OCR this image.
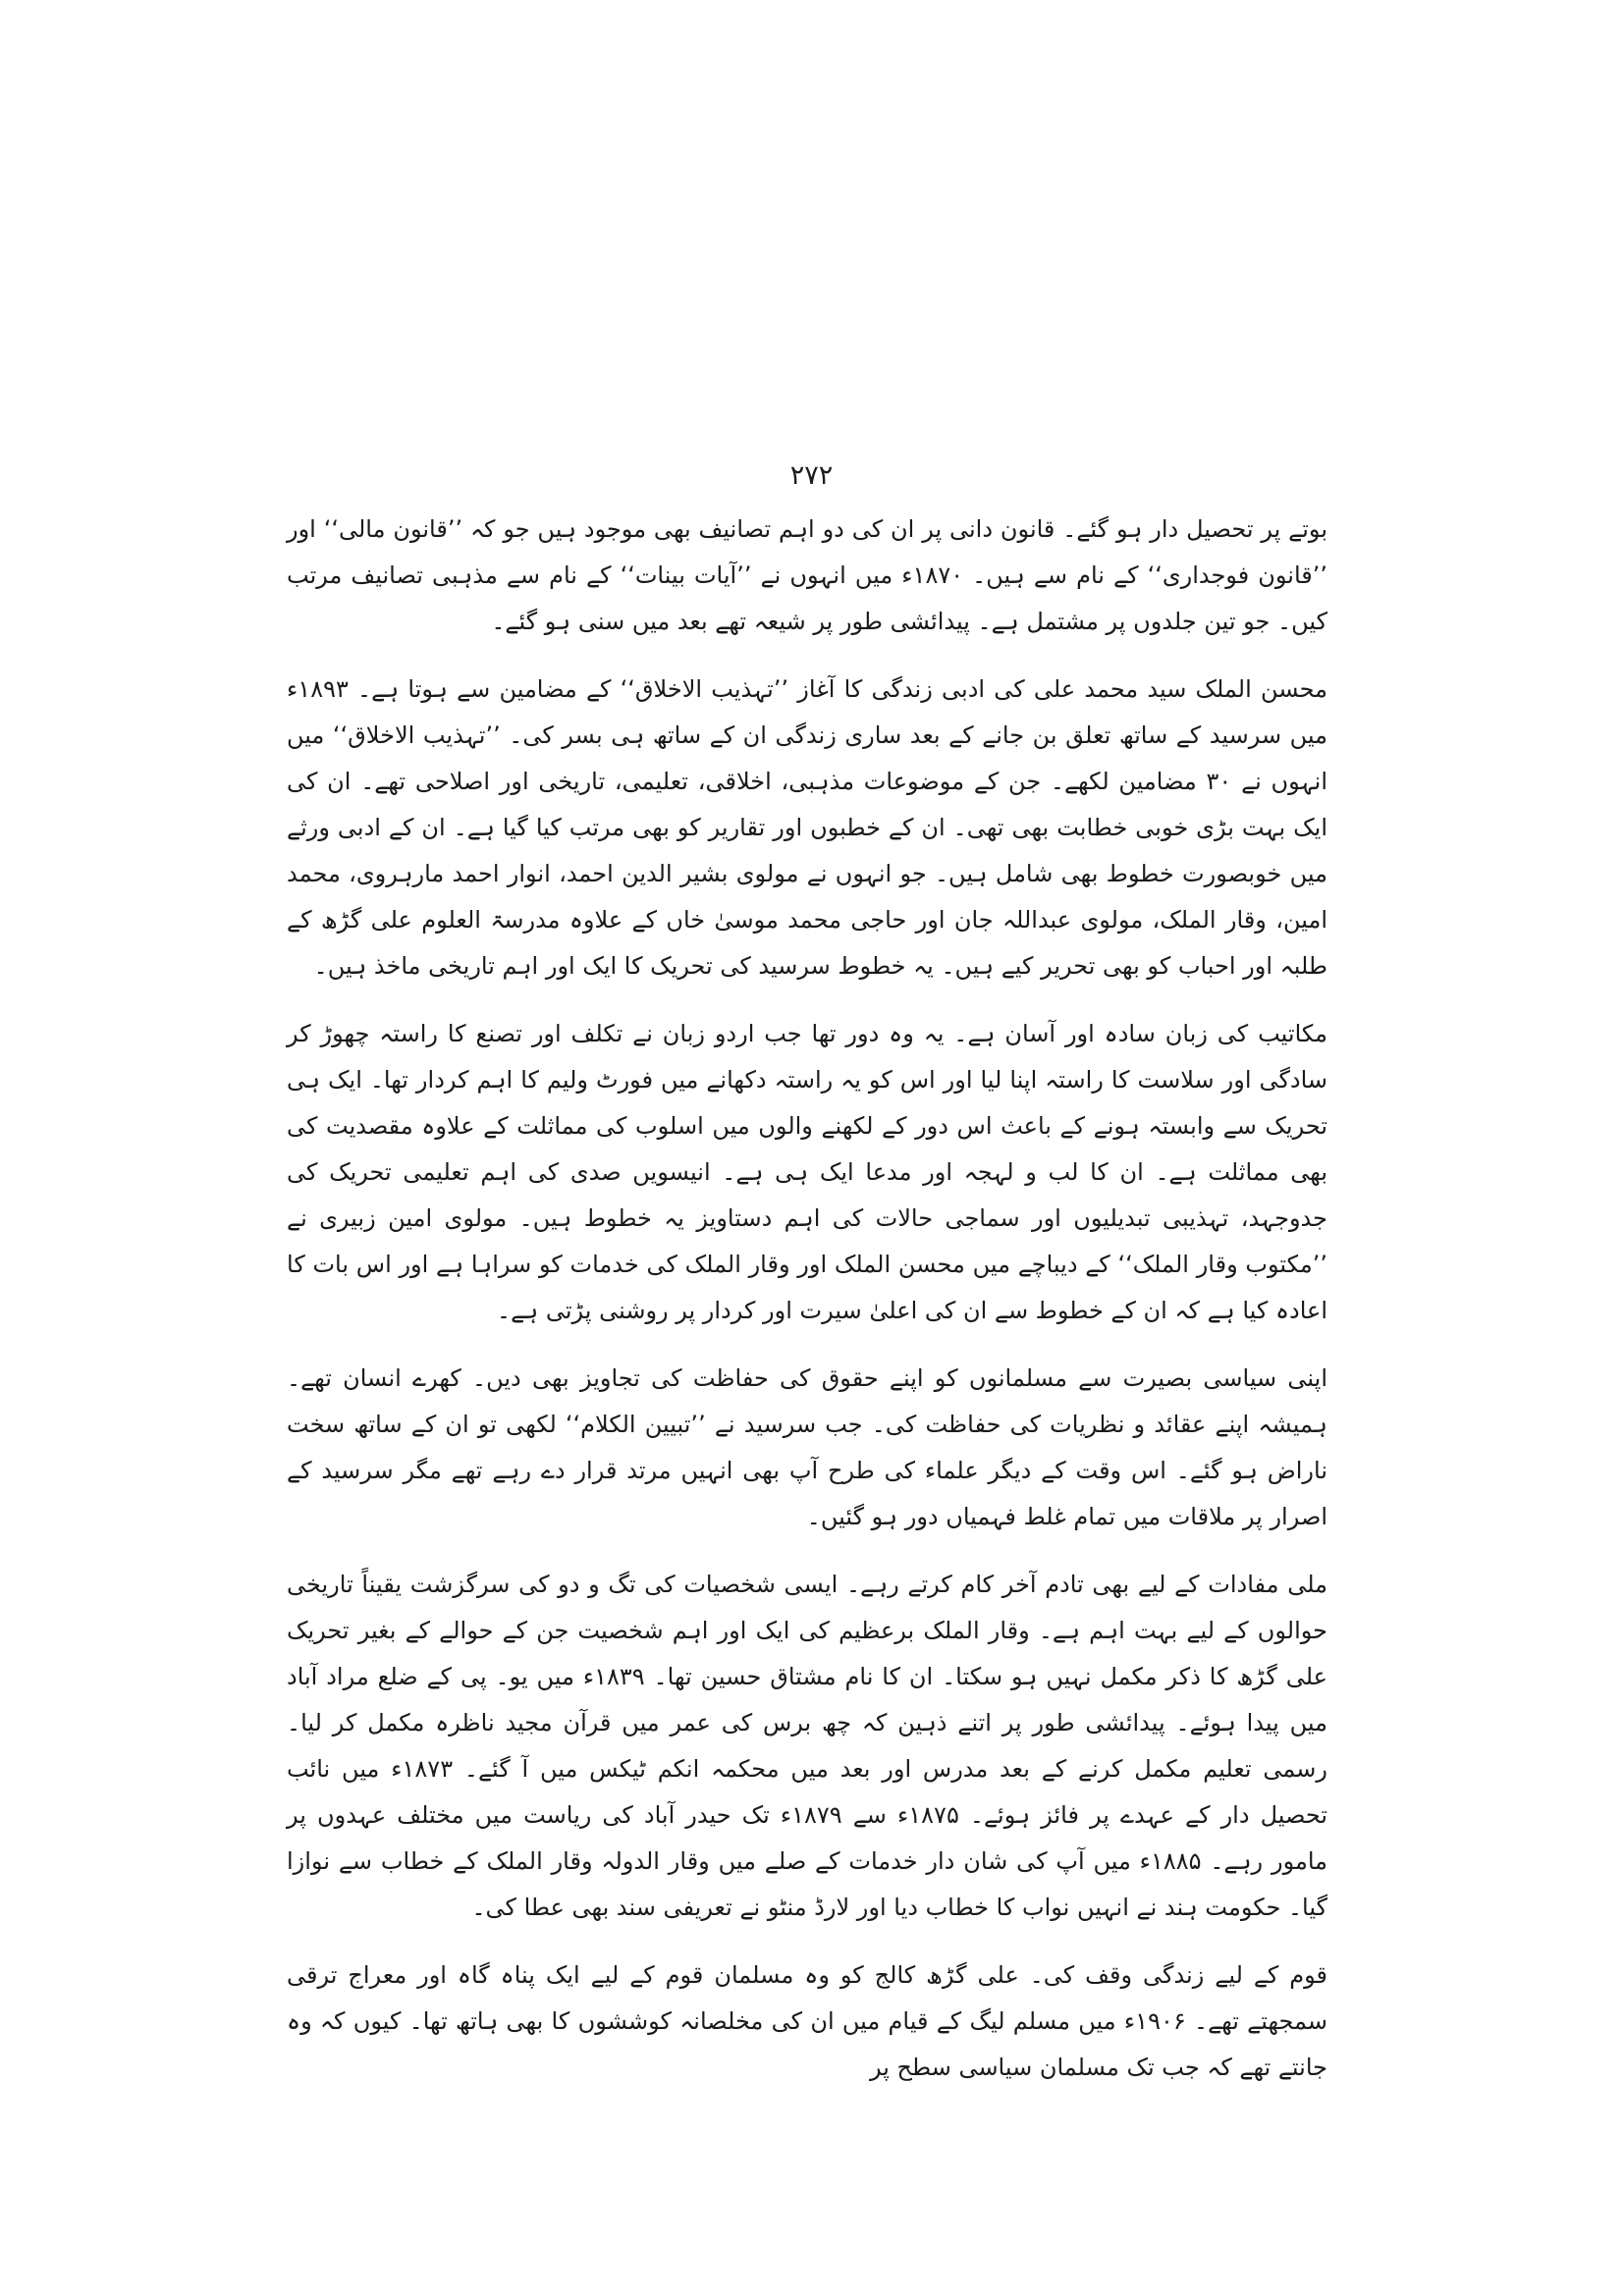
۲۷۲

بوتے پر تحصیل دار ہو گئے۔ قانون دانی پر ان کی دو اہم تصانیف بھی موجود ہیں جو کہ ’’قانون مالی‘‘ اور ’’قانون فوجداری‘‘ کے نام سے ہیں۔ ۱۸۷۰ء میں انہوں نے ’’آیات بینات‘‘ کے نام سے مذہبی تصانیف مرتب کیں۔ جو تین جلدوں پر مشتمل ہے۔ پیدائشی طور پر شیعہ تھے بعد میں سنی ہو گئے۔

محسن الملک سید محمد علی کی ادبی زندگی کا آغاز ’’تہذیب الاخلاق‘‘ کے مضامین سے ہوتا ہے۔ ۱۸۹۳ء میں سرسید کے ساتھ تعلق بن جانے کے بعد ساری زندگی ان کے ساتھ ہی بسر کی۔ ’’تہذیب الاخلاق‘‘ میں انہوں نے ۳۰ مضامین لکھے۔ جن کے موضوعات مذہبی، اخلاقی، تعلیمی، تاریخی اور اصلاحی تھے۔ ان کی ایک بہت بڑی خوبی خطابت بھی تھی۔ ان کے خطبوں اور تقاریر کو بھی مرتب کیا گیا ہے۔ ان کے ادبی ورثے میں خوبصورت خطوط بھی شامل ہیں۔ جو انہوں نے مولوی بشیر الدین احمد، انوار احمد مارہروی، محمد امین، وقار الملک، مولوی عبداللہ جان اور حاجی محمد موسیٰ خاں کے علاوہ مدرسۃ العلوم علی گڑھ کے طلبہ اور احباب کو بھی تحریر کیے ہیں۔ یہ خطوط سرسید کی تحریک کا ایک اور اہم تاریخی ماخذ ہیں۔

مکاتیب کی زبان سادہ اور آسان ہے۔ یہ وہ دور تھا جب اردو زبان نے تکلف اور تصنع کا راستہ چھوڑ کر سادگی اور سلاست کا راستہ اپنا لیا اور اس کو یہ راستہ دکھانے میں فورٹ ولیم کا اہم کردار تھا۔ ایک ہی تحریک سے وابستہ ہونے کے باعث اس دور کے لکھنے والوں میں اسلوب کی مماثلت کے علاوہ مقصدیت کی بھی مماثلت ہے۔ ان کا لب و لہجہ اور مدعا ایک ہی ہے۔ انیسویں صدی کی اہم تعلیمی تحریک کی جدوجہد، تہذیبی تبدیلیوں اور سماجی حالات کی اہم دستاویز یہ خطوط ہیں۔ مولوی امین زبیری نے ’’مکتوب وقار الملک‘‘ کے دیباچے میں محسن الملک اور وقار الملک کی خدمات کو سراہا ہے اور اس بات کا اعادہ کیا ہے کہ ان کے خطوط سے ان کی اعلیٰ سیرت اور کردار پر روشنی پڑتی ہے۔

اپنی سیاسی بصیرت سے مسلمانوں کو اپنے حقوق کی حفاظت کی تجاویز بھی دیں۔ کھرے انسان تھے۔ ہمیشہ اپنے عقائد و نظریات کی حفاظت کی۔ جب سرسید نے ’’تبیین الکلام‘‘ لکھی تو ان کے ساتھ سخت ناراض ہو گئے۔ اس وقت کے دیگر علماء کی طرح آپ بھی انہیں مرتد قرار دے رہے تھے مگر سرسید کے اصرار پر ملاقات میں تمام غلط فہمیاں دور ہو گئیں۔

ملی مفادات کے لیے بھی تادم آخر کام کرتے رہے۔ ایسی شخصیات کی تگ و دو کی سرگزشت یقیناً تاریخی حوالوں کے لیے بہت اہم ہے۔ وقار الملک برعظیم کی ایک اور اہم شخصیت جن کے حوالے کے بغیر تحریک علی گڑھ کا ذکر مکمل نہیں ہو سکتا۔ ان کا نام مشتاق حسین تھا۔ ۱۸۳۹ء میں یو۔ پی کے ضلع مراد آباد میں پیدا ہوئے۔ پیدائشی طور پر اتنے ذہین کہ چھ برس کی عمر میں قرآن مجید ناظرہ مکمل کر لیا۔ رسمی تعلیم مکمل کرنے کے بعد مدرس اور بعد میں محکمہ انکم ٹیکس میں آ گئے۔ ۱۸۷۳ء میں نائب تحصیل دار کے عہدے پر فائز ہوئے۔ ۱۸۷۵ء سے ۱۸۷۹ء تک حیدر آباد کی ریاست میں مختلف عہدوں پر مامور رہے۔ ۱۸۸۵ء میں آپ کی شان دار خدمات کے صلے میں وقار الدولہ وقار الملک کے خطاب سے نوازا گیا۔ حکومت ہند نے انہیں نواب کا خطاب دیا اور لارڈ منٹو نے تعریفی سند بھی عطا کی۔

قوم کے لیے زندگی وقف کی۔ علی گڑھ کالج کو وہ مسلمان قوم کے لیے ایک پناہ گاہ اور معراج ترقی سمجھتے تھے۔ ۱۹۰۶ء میں مسلم لیگ کے قیام میں ان کی مخلصانہ کوششوں کا بھی ہاتھ تھا۔ کیوں کہ وہ جانتے تھے کہ جب تک مسلمان سیاسی سطح پر
